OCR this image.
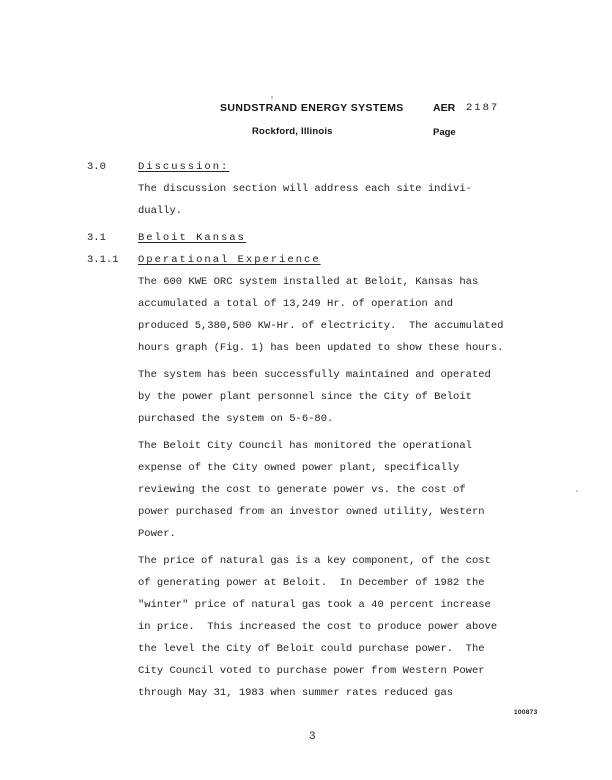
SUNDSTRAND ENERGY SYSTEMS
Rockford, Illinois
AER 2187
Page
3.0	Discussion:
The discussion section will address each site indivi-
dually.
3.1	Beloit Kansas
3.1.1 Operational Experience
The 600 KWE ORC system installed at Beloit, Kansas has
accumulated a total of 13,249 Hr. of operation and
produced 5,380,500 KW-Hr. of electricity.  The accumulated
hours graph (Fig. 1) has been updated to show these hours.
The system has been successfully maintained and operated
by the power plant personnel since the City of Beloit
purchased the system on 5-6-80.
The Beloit City Council has monitored the operational
expense of the City owned power plant, specifically
reviewing the cost to generate power vs. the cost of
power purchased from an investor owned utility, Western
Power.
The price of natural gas is a key component, of the cost
of generating power at Beloit.  In December of 1982 the
"winter" price of natural gas took a 40 percent increase
in price.  This increased the cost to produce power above
the level the City of Beloit could purchase power.  The
City Council voted to purchase power from Western Power
through May 31, 1983 when summer rates reduced gas
100873
3
